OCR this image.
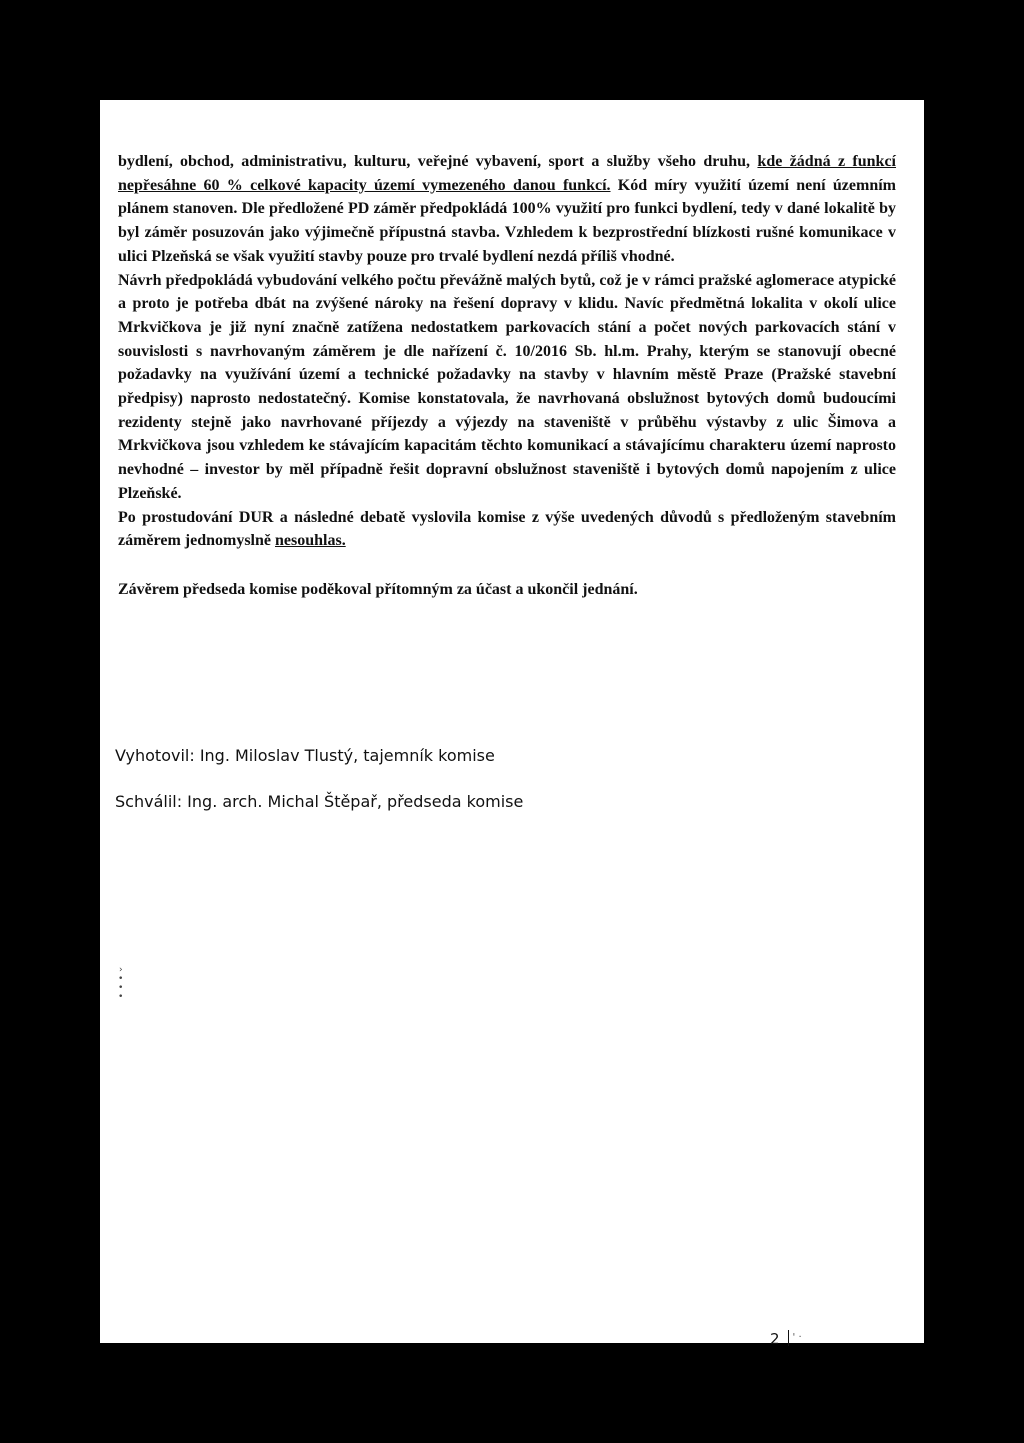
bydlení, obchod, administrativu, kulturu, veřejné vybavení, sport a služby všeho druhu, kde žádná z funkcí nepřesáhne 60 % celkové kapacity území vymezeného danou funkcí. Kód míry využití území není územním plánem stanoven. Dle předložené PD záměr předpokládá 100% využití pro funkci bydlení, tedy v dané lokalitě by byl záměr posuzován jako výjimečně přípustná stavba. Vzhledem k bezprostřední blízkosti rušné komunikace v ulici Plzeňská se však využití stavby pouze pro trvalé bydlení nezdá příliš vhodné.

Návrh předpokládá vybudování velkého počtu převážně malých bytů, což je v rámci pražské aglomerace atypické a proto je potřeba dbát na zvýšené nároky na řešení dopravy v klidu. Navíc předmětná lokalita v okolí ulice Mrkvičkova je již nyní značně zatížena nedostatkem parkovacích stání a počet nových parkovacích stání v souvislosti s navrhovaným záměrem je dle nařízení č. 10/2016 Sb. hl.m. Prahy, kterým se stanovují obecné požadavky na využívání území a technické požadavky na stavby v hlavním městě Praze (Pražské stavební předpisy) naprosto nedostatečný. Komise konstatovala, že navrhovaná obslužnost bytových domů budoucími rezidenty stejně jako navrhované příjezdy a výjezdy na staveniště v průběhu výstavby z ulic Šimova a Mrkvičkova jsou vzhledem ke stávajícím kapacitám těchto komunikací a stávajícímu charakteru území naprosto nevhodné – investor by měl případně řešit dopravní obslužnost staveniště i bytových domů napojením z ulice Plzeňské.

Po prostudování DUR a následné debatě vyslovila komise z výše uvedených důvodů s předloženým stavebním záměrem jednomyslně nesouhlas.

Závěrem předseda komise poděkoval přítomným za účast a ukončil jednání.

Vyhotovil: Ing. Miloslav Tlustý, tajemník komise
Schválil: Ing. arch. Michal Štěpař, předseda komise
›
•
•
•
2 ' ·
